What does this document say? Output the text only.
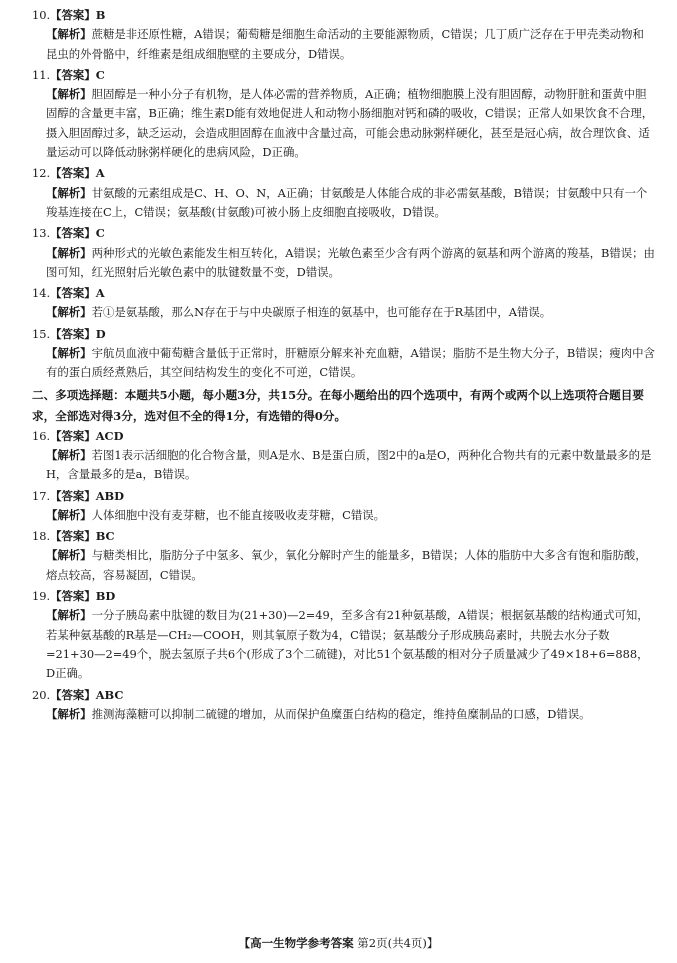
10.【答案】B
【解析】蔗糖是非还原性糖，A错误；葡萄糖是细胞生命活动的主要能源物质，C错误；几丁质广泛存在于甲壳类动物和昆虫的外骨骼中，纤维素是组成细胞壁的主要成分，D错误。
11.【答案】C
【解析】胆固醇是一种小分子有机物，是人体必需的营养物质，A正确；植物细胞膜上没有胆固醇，动物肝脏和蛋黄中胆固醇的含量更丰富，B正确；维生素D能有效地促进人和动物小肠细胞对钙和磷的吸收，C错误；正常人如果饮食不合理，摄入胆固醇过多，缺乏运动，会造成胆固醇在血液中含量过高，可能会患动脉粥样硬化，甚至是冠心病，故合理饮食、适量运动可以降低动脉粥样硬化的患病风险，D正确。
12.【答案】A
【解析】甘氨酸的元素组成是C、H、O、N，A正确；甘氨酸是人体能合成的非必需氨基酸，B错误；甘氨酸中只有一个羧基连接在C上，C错误；氨基酸(甘氨酸)可被小肠上皮细胞直接吸收，D错误。
13.【答案】C
【解析】两种形式的光敏色素能发生相互转化，A错误；光敏色素至少含有两个游离的氨基和两个游离的羧基，B错误；由图可知，红光照射后光敏色素中的肽键数量不变，D错误。
14.【答案】A
【解析】若①是氨基酸，那么N存在于与中央碳原子相连的氨基中，也可能存在于R基团中，A错误。
15.【答案】D
【解析】宇航员血液中葡萄糖含量低于正常时，肝糖原分解来补充血糖，A错误；脂肪不是生物大分子，B错误；瘦肉中含有的蛋白质经煮熟后，其空间结构发生的变化不可逆，C错误。
二、多项选择题：本题共5小题，每小题3分，共15分。在每小题给出的四个选项中，有两个或两个以上选项符合题目要求，全部选对得3分，选对但不全的得1分，有选错的得0分。
16.【答案】ACD
【解析】若图1表示活细胞的化合物含量，则A是水、B是蛋白质，图2中的a是O，两种化合物共有的元素中数量最多的是H，含量最多的是a，B错误。
17.【答案】ABD
【解析】人体细胞中没有麦芽糖，也不能直接吸收麦芽糖，C错误。
18.【答案】BC
【解析】与糖类相比，脂肪分子中氢多、氧少，氧化分解时产生的能量多，B错误；人体的脂肪中大多含有饱和脂肪酸，熔点较高，容易凝固，C错误。
19.【答案】BD
【解析】一分子胰岛素中肽键的数目为(21+30)—2=49，至多含有21种氨基酸，A错误；根据氨基酸的结构通式可知，若某种氨基酸的R基是—CH₂—COOH，则其氧原子数为4，C错误；氨基酸分子形成胰岛素时，共脱去水分子数=21+30—2=49个，脱去氢原子共6个(形成了3个二硫键)，对比51个氨基酸的相对分子质量减少了49×18+6=888，D正确。
20.【答案】ABC
【解析】推测海藻糖可以抑制二硫键的增加，从而保护鱼糜蛋白结构的稳定，维持鱼糜制品的口感，D错误。
【高一生物学参考答案 第2页(共4页)】
